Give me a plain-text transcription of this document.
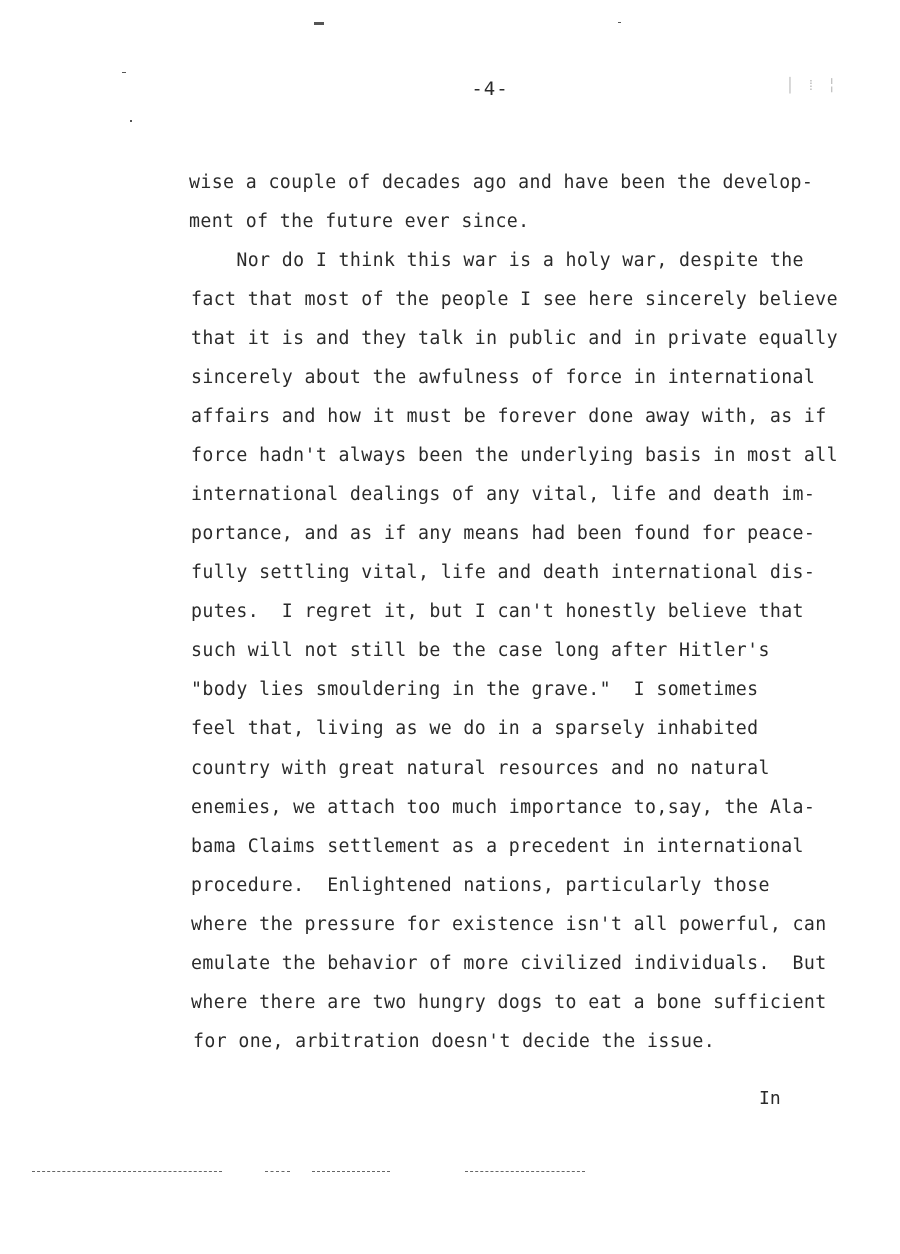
-4-	│ ⁞ ╎
wise a couple of decades ago and have been the develop-
ment of the future ever since.
Nor do I think this war is a holy war, despite the
fact that most of the people I see here sincerely believe
that it is and they talk in public and in private equally
sincerely about the awfulness of force in international
affairs and how it must be forever done away with, as if
force hadn't always been the underlying basis in most all
international dealings of any vital, life and death im-
portance, and as if any means had been found for peace-
fully settling vital, life and death international dis-
putes.  I regret it, but I can't honestly believe that
such will not still be the case long after Hitler's
"body lies smouldering in the grave."  I sometimes
feel that, living as we do in a sparsely inhabited
country with great natural resources and no natural
enemies, we attach too much importance to,say, the Ala-
bama Claims settlement as a precedent in international
procedure.  Enlightened nations, particularly those
where the pressure for existence isn't all powerful, can
emulate the behavior of more civilized individuals.  But
where there are two hungry dogs to eat a bone sufficient
for one, arbitration doesn't decide the issue.
In
